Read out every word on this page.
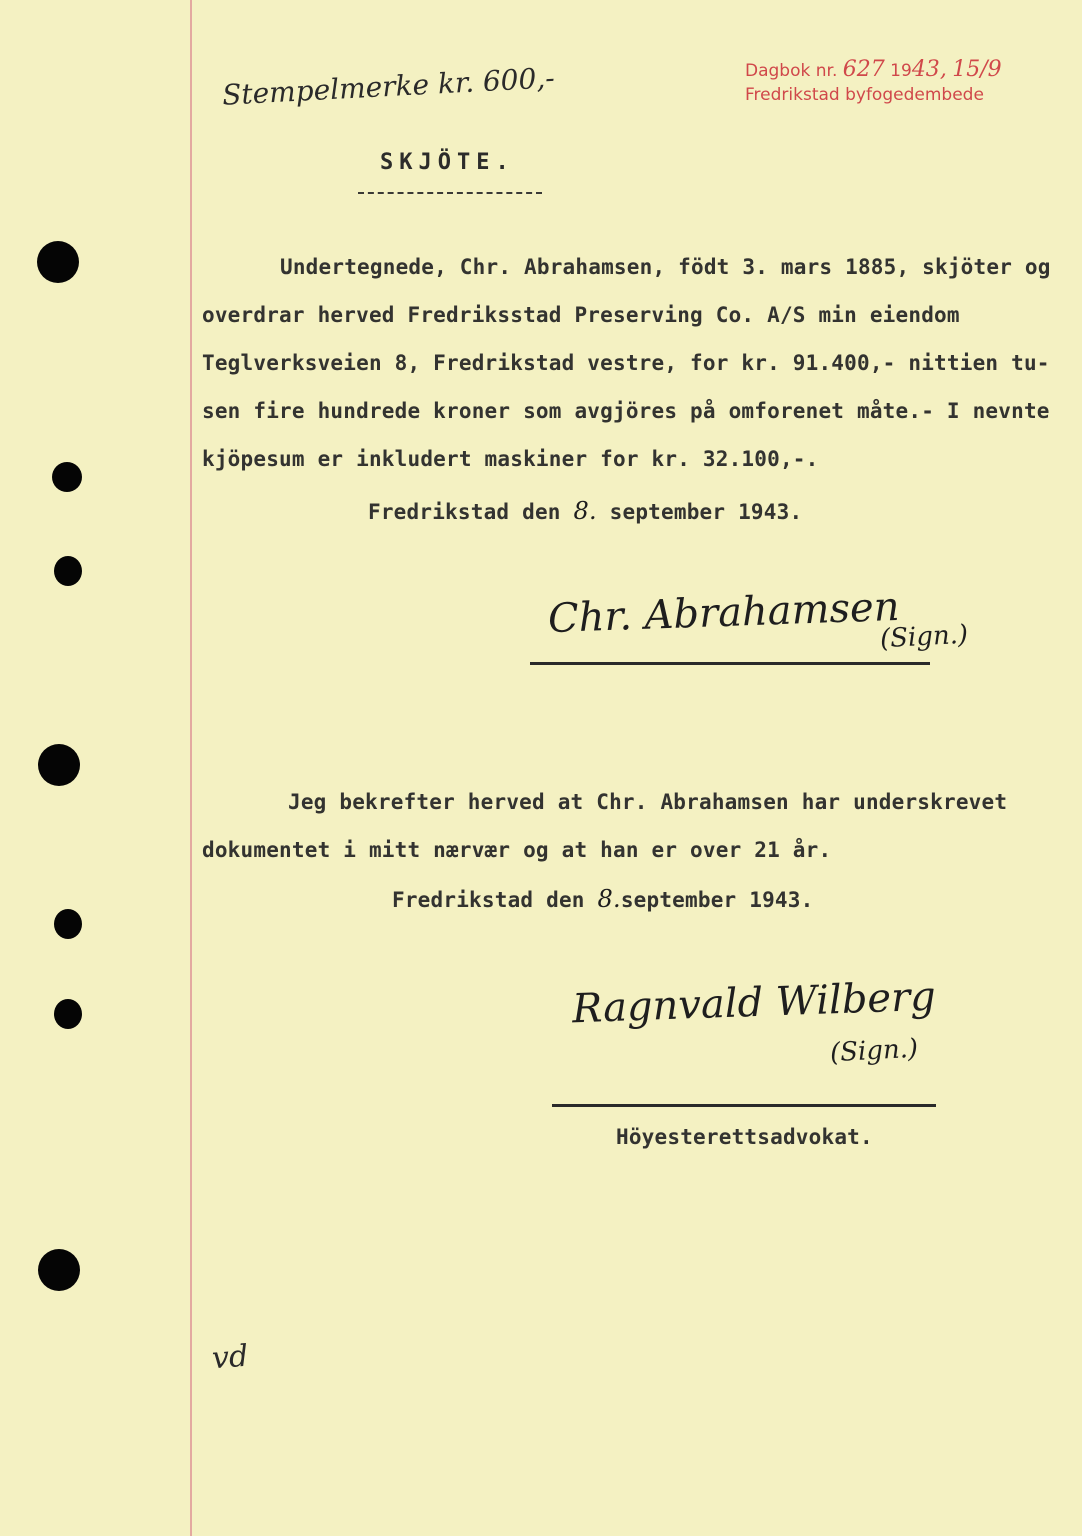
Stempelmerke kr. 600,-	Dagbok nr. 627 1943, 15/9
Fredrikstad byfogedembede
SKJÖTE.
Undertegnede, Chr. Abrahamsen, födt 3. mars 1885, skjöter og
overdrar herved Fredriksstad Preserving Co. A/S min eiendom
Teglverksveien 8, Fredrikstad vestre, for kr. 91.400,- nittien tu-
sen fire hundrede kroner som avgjöres på omforenet måte.- I nevnte
kjöpesum er inkludert maskiner for kr. 32.100,-.
Fredrikstad den 8. september 1943.
Chr. Abrahamsen
(Sign.)
Jeg bekrefter herved at Chr. Abrahamsen har underskrevet
dokumentet i mitt nærvær og at han er over 21 år.
Fredrikstad den 8.september 1943.
Ragnvald Wilberg
(Sign.)
Höyesterettsadvokat.
vd
